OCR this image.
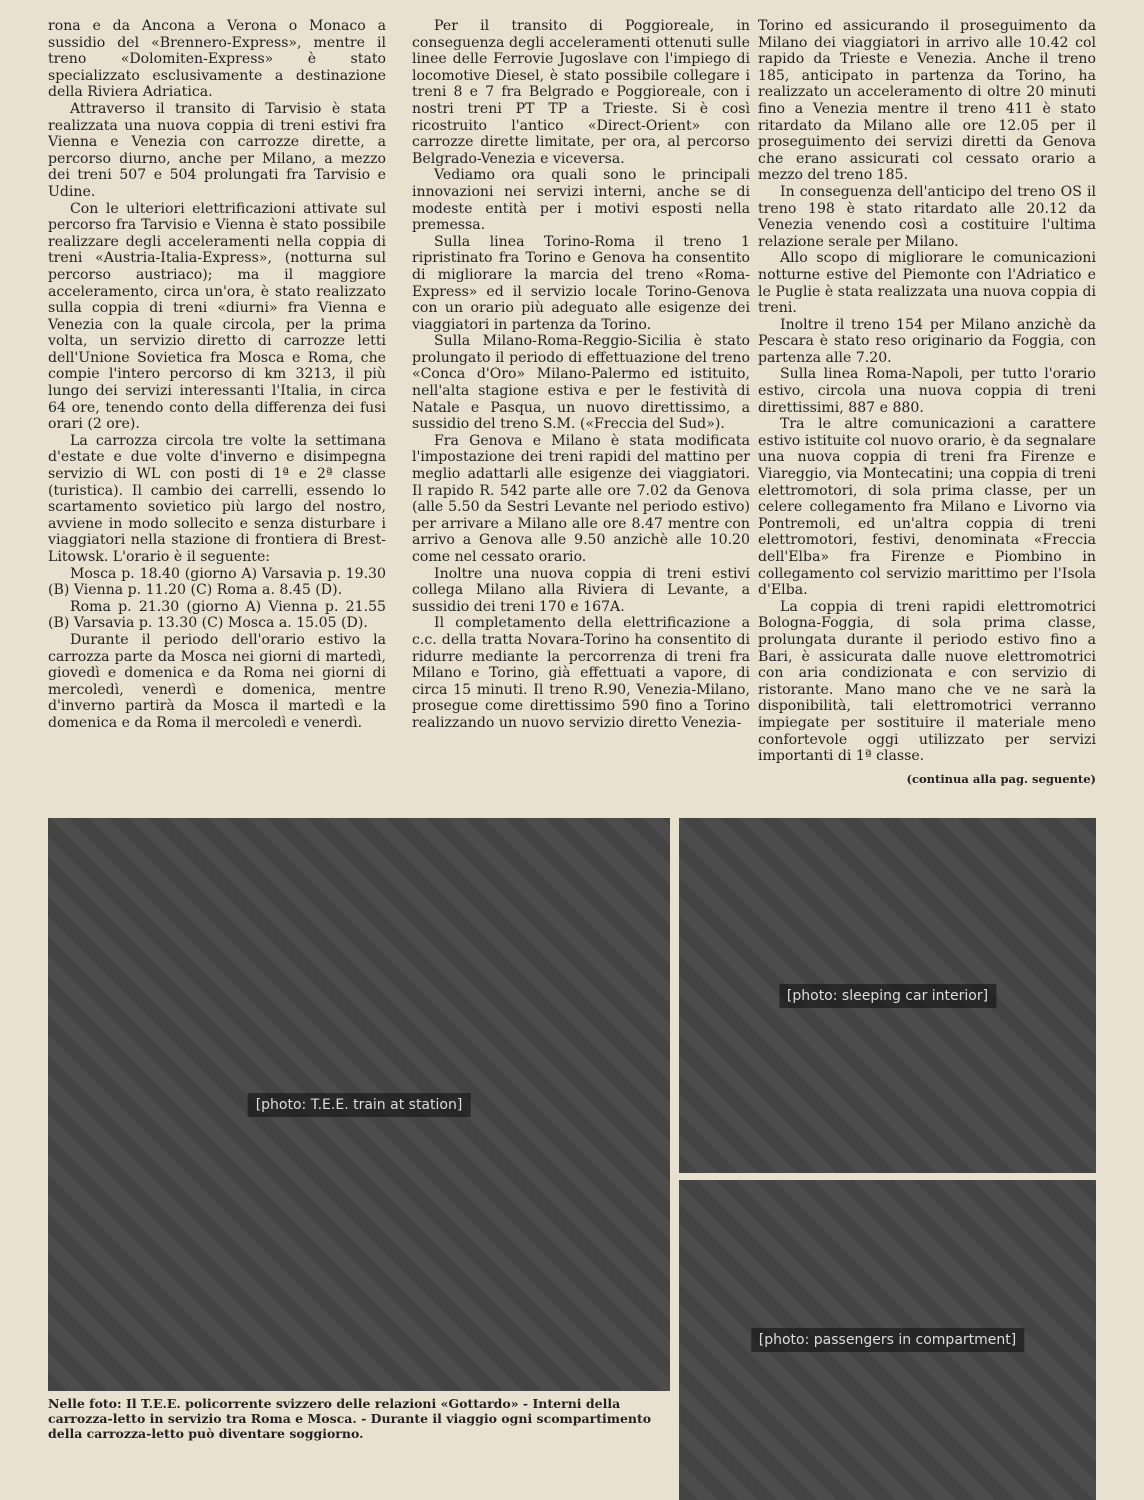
rona e da Ancona a Verona o Monaco a sussidio del «Brennero-Express», mentre il treno «Dolomiten-Express» è stato specializzato esclusivamente a destinazione della Riviera Adriatica.

Attraverso il transito di Tarvisio è stata realizzata una nuova coppia di treni estivi fra Vienna e Venezia con carrozze dirette, a percorso diurno, anche per Milano, a mezzo dei treni 507 e 504 prolungati fra Tarvisio e Udine.

Con le ulteriori elettrificazioni attivate sul percorso fra Tarvisio e Vienna è stato possibile realizzare degli acceleramenti nella coppia di treni «Austria-Italia-Express», (notturna sul percorso austriaco); ma il maggiore acceleramento, circa un'ora, è stato realizzato sulla coppia di treni «diurni» fra Vienna e Venezia con la quale circola, per la prima volta, un servizio diretto di carrozze letti dell'Unione Sovietica fra Mosca e Roma, che compie l'intero percorso di km 3213, il più lungo dei servizi interessanti l'Italia, in circa 64 ore, tenendo conto della differenza dei fusi orari (2 ore).

La carrozza circola tre volte la settimana d'estate e due volte d'inverno e disimpegna servizio di WL con posti di 1ª e 2ª classe (turistica). Il cambio dei carrelli, essendo lo scartamento sovietico più largo del nostro, avviene in modo sollecito e senza disturbare i viaggiatori nella stazione di frontiera di Brest-Litowsk. L'orario è il seguente:

Mosca p. 18.40 (giorno A) Varsavia p. 19.30 (B) Vienna p. 11.20 (C) Roma a. 8.45 (D).

Roma p. 21.30 (giorno A) Vienna p. 21.55 (B) Varsavia p. 13.30 (C) Mosca a. 15.05 (D).

Durante il periodo dell'orario estivo la carrozza parte da Mosca nei giorni di martedì, giovedì e domenica e da Roma nei giorni di mercoledì, venerdì e domenica, mentre d'inverno partirà da Mosca il martedì e la domenica e da Roma il mercoledì e venerdì.

Per il transito di Poggioreale, in conseguenza degli acceleramenti ottenuti sulle linee delle Ferrovie Jugoslave con l'impiego di locomotive Diesel, è stato possibile collegare i treni 8 e 7 fra Belgrado e Poggioreale, con i nostri treni PT TP a Trieste. Si è così ricostruito l'antico «Direct-Orient» con carrozze dirette limitate, per ora, al percorso Belgrado-Venezia e viceversa.

Vediamo ora quali sono le principali innovazioni nei servizi interni, anche se di modeste entità per i motivi esposti nella premessa.

Sulla linea Torino-Roma il treno 1 ripristinato fra Torino e Genova ha consentito di migliorare la marcia del treno «Roma-Express» ed il servizio locale Torino-Genova con un orario più adeguato alle esigenze dei viaggiatori in partenza da Torino.

Sulla Milano-Roma-Reggio-Sicilia è stato prolungato il periodo di effettuazione del treno «Conca d'Oro» Milano-Palermo ed istituito, nell'alta stagione estiva e per le festività di Natale e Pasqua, un nuovo direttissimo, a sussidio del treno S.M. («Freccia del Sud»).

Fra Genova e Milano è stata modificata l'impostazione dei treni rapidi del mattino per meglio adattarli alle esigenze dei viaggiatori. Il rapido R. 542 parte alle ore 7.02 da Genova (alle 5.50 da Sestri Levante nel periodo estivo) per arrivare a Milano alle ore 8.47 mentre con arrivo a Genova alle 9.50 anzichè alle 10.20 come nel cessato orario.

Inoltre una nuova coppia di treni estivi collega Milano alla Riviera di Levante, a sussidio dei treni 170 e 167A.

Il completamento della elettrificazione a c.c. della tratta Novara-Torino ha consentito di ridurre mediante la percorrenza di treni fra Milano e Torino, già effettuati a vapore, di circa 15 minuti. Il treno R.90, Venezia-Milano, prosegue come direttissimo 590 fino a Torino realizzando un nuovo servizio diretto Venezia-

Torino ed assicurando il proseguimento da Milano dei viaggiatori in arrivo alle 10.42 col rapido da Trieste e Venezia. Anche il treno 185, anticipato in partenza da Torino, ha realizzato un acceleramento di oltre 20 minuti fino a Venezia mentre il treno 411 è stato ritardato da Milano alle ore 12.05 per il proseguimento dei servizi diretti da Genova che erano assicurati col cessato orario a mezzo del treno 185.

In conseguenza dell'anticipo del treno OS il treno 198 è stato ritardato alle 20.12 da Venezia venendo così a costituire l'ultima relazione serale per Milano.

Allo scopo di migliorare le comunicazioni notturne estive del Piemonte con l'Adriatico e le Puglie è stata realizzata una nuova coppia di treni.

Inoltre il treno 154 per Milano anzichè da Pescara è stato reso originario da Foggia, con partenza alle 7.20.

Sulla linea Roma-Napoli, per tutto l'orario estivo, circola una nuova coppia di treni direttissimi, 887 e 880.

Tra le altre comunicazioni a carattere estivo istituite col nuovo orario, è da segnalare una nuova coppia di treni fra Firenze e Viareggio, via Montecatini; una coppia di treni elettromotori, di sola prima classe, per un celere collegamento fra Milano e Livorno via Pontremoli, ed un'altra coppia di treni elettromotori, festivi, denominata «Freccia dell'Elba» fra Firenze e Piombino in collegamento col servizio marittimo per l'Isola d'Elba.

La coppia di treni rapidi elettromotrici Bologna-Foggia, di sola prima classe, prolungata durante il periodo estivo fino a Bari, è assicurata dalle nuove elettromotrici con aria condizionata e con servizio di ristorante. Mano mano che ve ne sarà la disponibilità, tali elettromotrici verranno impiegate per sostituire il materiale meno confortevole oggi utilizzato per servizi importanti di 1ª classe.

(continua alla pag. seguente)
[photo: T.E.E. train at station]
[photo: sleeping car interior]
[photo: passengers in compartment]
Nelle foto: Il T.E.E. policorrente svizzero delle relazioni «Gottardo» - Interni della carrozza-letto in servizio tra Roma e Mosca. - Durante il viaggio ogni scompartimento della carrozza-letto può diventare soggiorno.
